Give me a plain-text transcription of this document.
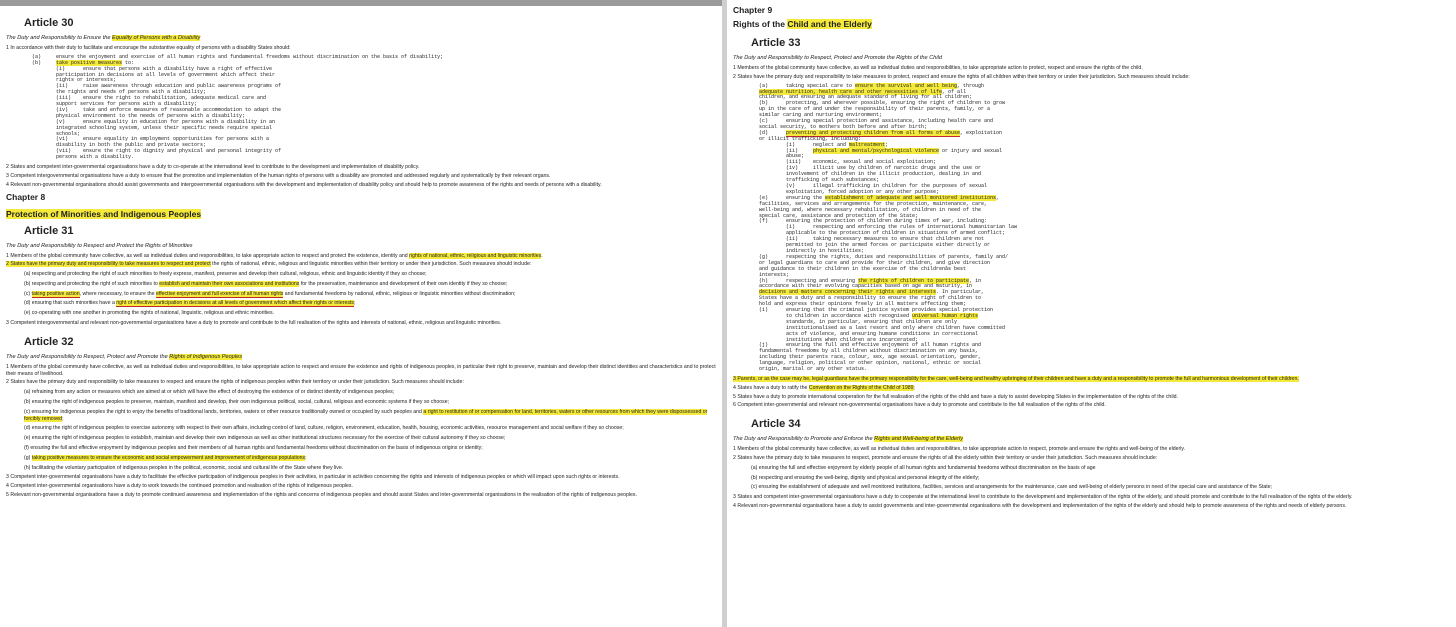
Article 30
The Duty and Responsibility to Ensure the Equality of Persons with a Disability
1 In accordance with their duty to facilitate and encourage the substantive equality of persons with a disability States should:
(a)     ensure the enjoyment and exercise of all human rights and fundamental freedoms without discrimination on the basis of disability;
(b)     take positive measures to:
(i)      ensure that persons with a disability have a right of effective
participation in decisions at all levels of government which affect their
rights or interests;
(ii)     raise awareness through education and public awareness programs of
the rights and needs of persons with a disability;
(iii)    ensure the right to rehabilitation, adequate medical care and
support services for persons with a disability;
(iv)     take and enforce measures of reasonable accommodation to adapt the
physical environment to the needs of persons with a disability;
(v)      ensure equality in education for persons with a disability in an
integrated schooling system, unless their specific needs require special
schools;
(vi)     ensure equality in employment opportunities for persons with a
disability in both the public and private sectors;
(vii)    ensure the right to dignity and physical and personal integrity of
persons with a disability.
2 States and competent inter-governmental organisations have a duty to co-operate at the international level to contribute to the development and implementation of disability policy.
3 Competent intergovernmental organisations have a duty to ensure that the promotion and implementation of the human rights of persons with a disability are promoted and addressed regularly and systematically by their relevant organs.
4 Relevant non-governmental organisations should assist governments and intergovernmental organisations with the development and implementation of disability policy and should help to promote awareness of the rights and needs of persons with a disability.
Chapter 8
Protection of Minorities and Indigenous Peoples
Article 31
The Duty and Responsibility to Respect and Protect the Rights of Minorities
1 Members of the global community have collective, as well as individual duties and responsibilities, to take appropriate action to respect and protect the existence, identity and rights of national, ethnic, religious and linguistic minorities.
2 States have the primary duty and responsibility to take measures to respect and protect the rights of national, ethnic, religious and linguistic minorities within their territory or under their jurisdiction. Such measures should include:
(a) respecting and protecting the right of such minorities to freely express, manifest, preserve and develop their cultural, religious, ethnic and linguistic identity if they so choose;
(b) respecting and protecting the right of such minorities to establish and maintain their own associations and institutions for the preservation, maintenance and development of their own identity if they so choose;
(c) taking positive action, where necessary, to ensure the effective enjoyment and full exercise of all human rights and fundamental freedoms by national, ethnic, religious or linguistic minorities without discrimination;
(d) ensuring that such minorities have a right of effective participation in decisions at all levels of government which affect their rights or interests;
(e) co-operating with one another in promoting the rights of national, linguistic, religious and ethnic minorities.
3 Competent intergovernmental and relevant non-governmental organisations have a duty to promote and contribute to the full realisation of the rights and interests of national, ethnic, religious and linguistic minorities.
Article 32
The Duty and Responsibility to Respect, Protect and Promote the Rights of Indigenous Peoples
1 Members of the global community have collective, as well as individual duties and responsibilities, to take appropriate action to respect and ensure the existence and rights of indigenous peoples, in particular their right to preserve, maintain and develop their distinct identities and characteristics and to protect their means of livelihood.
2 States have the primary duty and responsibility to take measures to respect and ensure the rights of indigenous peoples within their territory or under their jurisdiction. Such measures should include:
(a) refraining from any action or measures which are aimed at or which will have the effect of destroying the existence of or distinct identity of indigenous peoples;
(b) ensuring the right of indigenous peoples to preserve, maintain, manifest and develop, their own indigenous political, social, cultural, religious and economic systems if they so choose;
(c) ensuring for indigenous peoples the right to enjoy the benefits of traditional lands, territories, waters or other resource traditionally owned or occupied by such peoples and a right to restitution of or compensation for land, territories, waters or other resources from which they were dispossessed or forcibly removed;
(d) ensuring the right of indigenous peoples to exercise autonomy with respect to their own affairs, including control of land, culture, religion, environment, education, health, housing, economic activities, resource management and social welfare if they so choose;
(e) ensuring the right of indigenous peoples to establish, maintain and develop their own indigenous as well as other institutional structures necessary for the exercise of their cultural autonomy if they so choose;
(f) ensuring the full and effective enjoyment by indigenous peoples and their members of all human rights and fundamental freedoms without discrimination on the basis of indigenous origins or identity;
(g) taking positive measures to ensure the economic and social empowerment and improvement of indigenous populations;
(h) facilitating the voluntary participation of indigenous peoples in the political, economic, social and cultural life of the State where they live.
3 Competent inter-governmental organisations have a duty to facilitate the effective participation of indigenous peoples in their activities, in particular in activities concerning the rights and interests of indigenous peoples or which will impact upon such rights or interests.
4 Competent inter-governmental organisations have a duty to work towards the continued promotion and realisation of the rights of indigenous peoples.
5 Relevant non-governmental organisations have a duty to promote continued awareness and implementation of the rights and concerns of indigenous peoples and should assist States and inter-governmental organisations in the realisation of the rights of indigenous peoples.
Chapter 9
Rights of the Child and the Elderly
Article 33
The Duty and Responsibility to Respect, Protect and Promote the Rights of the Child
1 Members of the global community have collective, as well as individual duties and responsibilities, to take appropriate action to protect, respect and ensure the rights of the child.
2 States have the primary duty and responsibility to take measures to protect, respect and ensure the rights of all children within their territory or under their jurisdiction. Such measures should include:
(a)      taking special care to ensure the survival and well being, through
adequate nutrition, health care and other necessities of life, of all
children, and ensuring an adequate standard of living for all children;
(b)      protecting, and wherever possible, ensuring the right of children to grow
up in the care of and under the responsibility of their parents, family, or a
similar caring and nurturing environment;
(c)      ensuring special protection and assistance, including health care and
social security, to mothers both before and after birth;
(d)      preventing and protecting children from all forms of abuse, exploitation
or illicit trafficking, including:
(i)      neglect and maltreatment;
(ii)     physical and mental/psychological violence or injury and sexual
abuse;
(iii)    economic, sexual and social exploitation;
(iv)     illicit use by children of narcotic drugs and the use or
involvement of children in the illicit production, dealing in and
trafficking of such substances;
(v)      illegal trafficking in children for the purposes of sexual
exploitation, forced adoption or any other purpose;
(e)      ensuring the establishment of adequate and well monitored institutions,
facilities, services and arrangements for the protection, maintenance, care,
well-being and, where necessary rehabilitation, of children in need of the
special care, assistance and protection of the State;
(f)      ensuring the protection of children during times of war, including:
(i)      respecting and enforcing the rules of international humanitarian law
applicable to the protection of children in situations of armed conflict;
(ii)     taking necessary measures to ensure that children are not
permitted to join the armed forces or participate either directly or
indirectly in hostilities;
(g)      respecting the rights, duties and responsibilities of parents, family and/
or legal guardians to care and provide for their children, and give direction
and guidance to their children in the exercise of the childrenâs best
interests;
(h)      respecting and ensuring the rights of children to participate, in
accordance with their evolving capacities based on age and maturity, in
decisions and matters concerning their rights and interests. In particular,
States have a duty and a responsibility to ensure the right of children to
hold and express their opinions freely in all matters affecting them;
(i)      ensuring that the criminal justice system provides special protection
to children in accordance with recognised universal human rights
standards, in particular, ensuring that children are only
institutionalised as a last resort and only where children have committed
acts of violence, and ensuring humane conditions in correctional
institutions when children are incarcerated;
(j)      ensuring the full and effective enjoyment of all human rights and
fundamental freedoms by all children without discrimination on any basis,
including their parents race, colour, sex, age sexual orientation, gender,
language, religion, political or other opinion, national, ethnic or social
origin, marital or any other status.
3 Parents, or as the case may be, legal guardians have the primary responsibility for the care, well-being and healthy upbringing of their children and have a duty and a responsibility to promote the full and harmonious development of their children.
4 States have a duty to ratify the Convention on the Rights of the Child of 1989;
5 States have a duty to promote international cooperation for the full realisation of the rights of the child and have a duty to assist developing States in the implementation of the rights of the child.
6 Competent inter-governmental and relevant non-governmental organisations have a duty to promote and contribute to the full realisation of the rights of the child.
Article 34
The Duty and Responsibility to Promote and Enforce the Rights and Well-being of the Elderly
1 Members of the global community have collective, as well as individual duties and responsibilities, to take appropriate action to respect, promote and ensure the rights and well-being of the elderly.
2 States have the primary duty to take measures to respect, promote and ensure the rights of all the elderly within their territory or under their jurisdiction. Such measures should include:
(a) ensuring the full and effective enjoyment by elderly people of all human rights and fundamental freedoms without discrimination on the basis of age
(b) respecting and ensuring the well-being, dignity and physical and personal integrity of the elderly;
(c) ensuring the establishment of adequate and well monitored institutions, facilities, services and arrangements for the maintenance, care and well-being of elderly persons in need of the special care and assistance of the State;
3 States and competent inter-governmental organisations have a duty to cooperate at the international level to contribute to the development and implementation of the rights of the elderly, and should promote and contribute to the full realisation of the rights of the elderly.
4 Relevant non-governmental organisations have a duty to assist governments and inter-governmental organisations with the development and implementation of the rights of the elderly and should help to promote awareness of the rights and needs of elderly persons.
